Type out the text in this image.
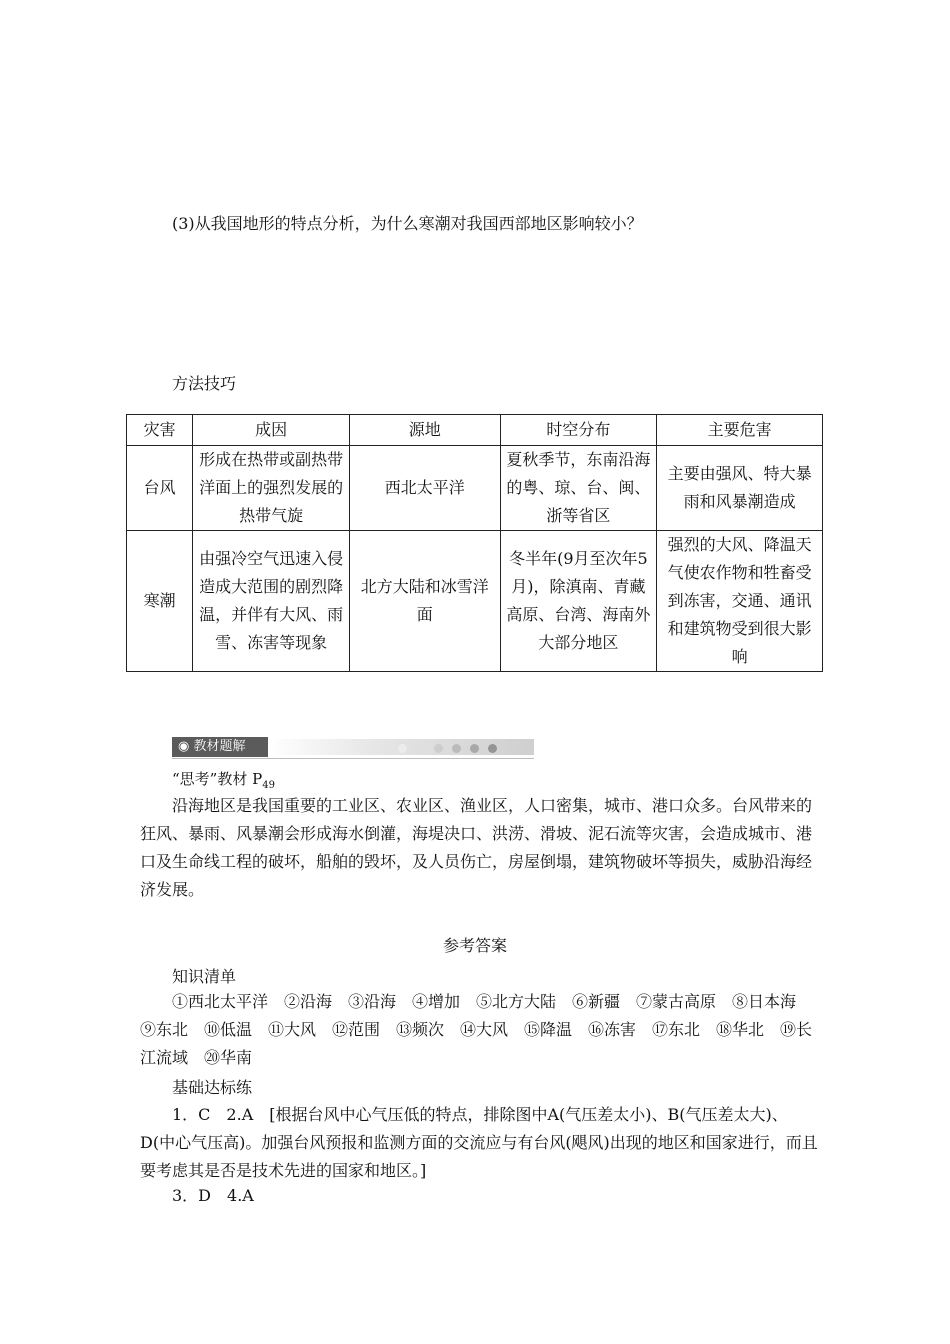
(3)从我国地形的特点分析，为什么寒潮对我国西部地区影响较小？
方法技巧
灾害	成因	源地	时空分布	主要危害
台风	形成在热带或副热带洋面上的强烈发展的热带气旋	西北太平洋	夏秋季节，东南沿海的粤、琼、台、闽、浙等省区	主要由强风、特大暴雨和风暴潮造成
寒潮	由强冷空气迅速入侵造成大范围的剧烈降温，并伴有大风、雨雪、冻害等现象	北方大陆和冰雪洋面	冬半年(9月至次年5月)，除滇南、青藏高原、台湾、海南外大部分地区	强烈的大风、降温天气使农作物和牲畜受到冻害，交通、通讯和建筑物受到很大影响
◉ 教材题解
“思考”教材 $P_{49}$
沿海地区是我国重要的工业区、农业区、渔业区，人口密集，城市、港口众多。台风带来的狂风、暴雨、风暴潮会形成海水倒灌，海堤决口、洪涝、滑坡、泥石流等灾害，会造成城市、港口及生命线工程的破坏，船舶的毁坏，及人员伤亡，房屋倒塌，建筑物破坏等损失，威胁沿海经济发展。
参考答案
知识清单
①西北太平洋　②沿海　③沿海　④增加　⑤北方大陆　⑥新疆　⑦蒙古高原　⑧日本海　⑨东北　⑩低温　⑪大风　⑫范围　⑬频次　⑭大风　⑮降温　⑯冻害　⑰东北　⑱华北　⑲长江流域　⑳华南
基础达标练
1．C　2.A　[根据台风中心气压低的特点，排除图中A(气压差太小)、B(气压差太大)、D(中心气压高)。加强台风预报和监测方面的交流应与有台风(飓风)出现的地区和国家进行，而且要考虑其是否是技术先进的国家和地区。]
3．D　4.A
